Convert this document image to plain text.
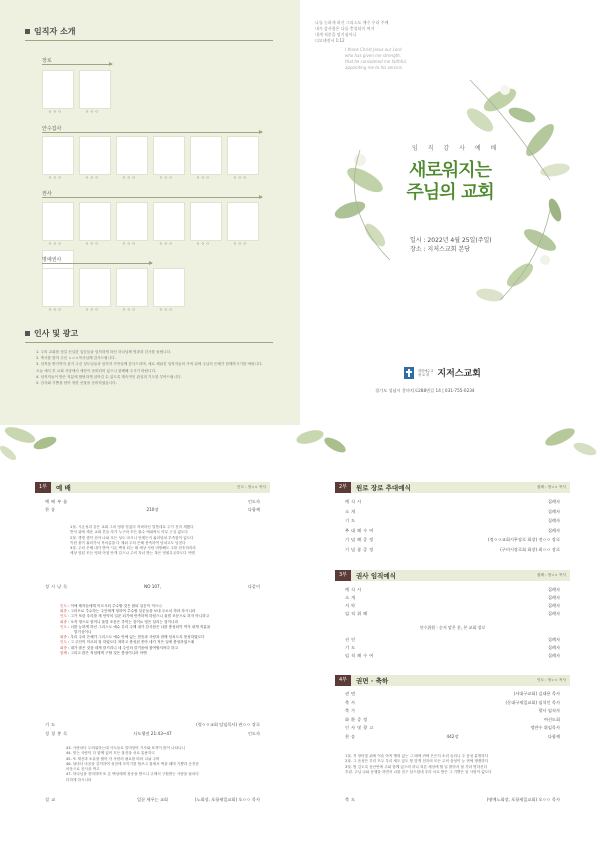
임직자 소개
장로
ㅇㅇㅇ	ㅇㅇㅇ
안수집사
ㅇㅇㅇ	ㅇㅇㅇ	ㅇㅇㅇ	ㅇㅇㅇ	ㅇㅇㅇ	ㅇㅇㅇ
권사
ㅇㅇㅇ	ㅇㅇㅇ	ㅇㅇㅇ	ㅇㅇㅇ	ㅇㅇㅇ	ㅇㅇㅇ
명예권사
ㅇㅇㅇ	ㅇㅇㅇ	ㅇㅇㅇ	ㅇㅇㅇ
인사 및 광고
1. 주의 교회를 섬길 신실한 일꾼들을 임직하게 하신 하나님께 영광과 감사를 돌립니다.
2. 축사를 맡아 주신 ㅇㅇㅇ목사님께 감사드립니다.
3. 임직을 받기까지 섬겨 주신 성도님들과 임직자 가족들께 감사드리며, 새로 세워진 임직자들의 사역 위에 주님의 은혜가 함께하시기를 바랍니다.
오늘 예식 후 교회 식당에서 애찬이 준비되어 있으니 함께해 주시기 바랍니다.
4. 임직자들이 받은 직분에 합당하게 살아갈 수 있도록 계속적인 관심과 기도를 부탁드립니다.
5. 감사와 기쁨을 담아 귀한 선물을 준비하였습니다.
나를 능하게 하신 그리스도 예수 우리 주께
내가 감사함은 나를 충성되이 여겨
내게 직분을 맡기심이니
디모데전서 1:12
I thank Christ Jesus our Lord
who has given me strength,
that he considered me faithful,
appointing me to his service.
임 직 감 사 예 배
새로워지는
주님의 교회
일시 : 2022년 4월 25일(주일)
장소 : 지저스교회 본당
대한예수교
장 로 회 지저스교회
경기도 성남시 갈마치로288번길 14 | 031-755-0234
1부	예 배	인도 : 정ㅇㅇ 목사
예배부름	인도자
찬송	210장	다함께
1절. 시온성과 같은 교회 그의 영광 한없다 허락하신 말씀대로 주가 친히 세웠다
반석 위에 세운 교회 흔들 자가 누구랴 모든 원수 에워싸도 아무 근심 없도다
2절. 생명 샘이 솟아 나와 모든 성도 마시니 언제든지 흘러넘쳐 부족함이 없도다
이런 물이 흘러가서 목마름을 다 채워 주의 은혜 풍족하여 넘치고도 넘친다
3절. 주의 은혜 내가 받아 시온 백성 되는 때 세상 사람 비방해도 주를 찬송하리라
세상 헛된 모든 영화 아침 안개 같으나 주의 자녀 받는 복은 영원무궁하도다 아멘
성시낭독	NO 107,	다같이
인도 : 이에 제자들에게 이르시되 추수할 것은 많되 일꾼이 적으니
회중 : 그러므로 추수하는 주인에게 청하여 추수할 일꾼들을 보내 주소서 하라 하시니라
인도 : 그가 또한 우리를 새 언약의 일꾼 되기에 만족하게 하셨으니 율법 조문으로 하지 아니하고
회중 : 오직 영으로 함이니 율법 조문은 죽이는 것이요 영은 살리는 것이니라
인도 : 너를 능하게 하신 그리스도 예수 우리 주께 내가 감사함은 나를 충성되이 여겨 내게 직분을
맡기심이니
회중 : 우리 주의 은혜가 그리스도 예수 안에 있는 믿음과 사랑과 함께 넘치도록 풍성하였도다
인도 : 그 주인이 이르되 잘 하였도다 착하고 충성된 종아 네가 적은 일에 충성하였으매
회중 : 내가 많은 것을 네게 맡기리니 네 주인의 즐거움에 참여할지어다 하고
함께 : 그리고 많은 직임에게 구할 것은 충성이니라 아멘
기도	(정ㅇㅇ교회 담임목사) 권ㅇㅇ 장로
성경봉독	사도행전 21:43~47	인도자
43. 사람마다 두려워하는데 사도들로 말미암아 기사와 표적이 많이 나타나니
44. 믿는 사람이 다 함께 있어 모든 물건을 서로 통용하고
45. 또 재산과 소유를 팔아 각 사람의 필요를 따라 나눠 주며
46. 날마다 마음을 같이하여 성전에 모이기를 힘쓰고 집에서 떡을 떼며 기쁨과 순전한
마음으로 음식을 먹고
47. 하나님을 찬미하며 또 온 백성에게 칭송을 받으니 주께서 구원받는 사람을 날마다
더하게 하시니라
설교	일꾼 세우는 교회	(노회장, 포항제일교회) 오ㅇㅇ 목사
2부	원로 장로 추대예식	집례 : 정ㅇㅇ 목사
예식사	집례자
소개	집례자
기도	집례자
추대패수여	집례자
기념패증정	(정ㅇㅇ교회시무장로 회장) 전ㅇㅇ 장로
기념품증정	(구미시장로회 회장) 최ㅇㅇ 장로
3부	권사 임직예식	집례 : 정ㅇㅇ 목사
예식사	집례자
소개	집례자
서약	집례자
임직위패	집례자
선언	집례자
기도	집례자
임직패수여	집례자
안수위원 : 순서 맡은 분, 본 교회 장로
4부	권면 · 축하	인도 : 정ㅇㅇ 목사
권면	(서대구교회) 김대용 목사
축사	(동대구제일교회) 임석인 목사
축가	광사 임직자
화환증정	여선도회
인사및광고	정만수 위임목사
찬송	442장	다함께
1절. 저 장미꽃 위에 이슬 아직 맺혀 있는 그 때에 귀에 은은히 소리 들리니 주 음성 분명하다
2절. 그 음성은 우리 모두 우리 세도 앉도 힘 맞게 천지의 모든 주의 음성이 능 귀에 쟁쟁하다
3절. 밤 깊도록 동산안에 주와 함께 있으려 하나 괴론 세상에 할 일 많아서 날 가라 명하신다
후렴. 주님 나와 동행을 하면서 나를 친구 삼으셨네 우리 서로 받은 그 기쁨은 알 사람이 없도다
축도	(명예노회장, 포항제일교회) 오ㅇㅇ 목사
